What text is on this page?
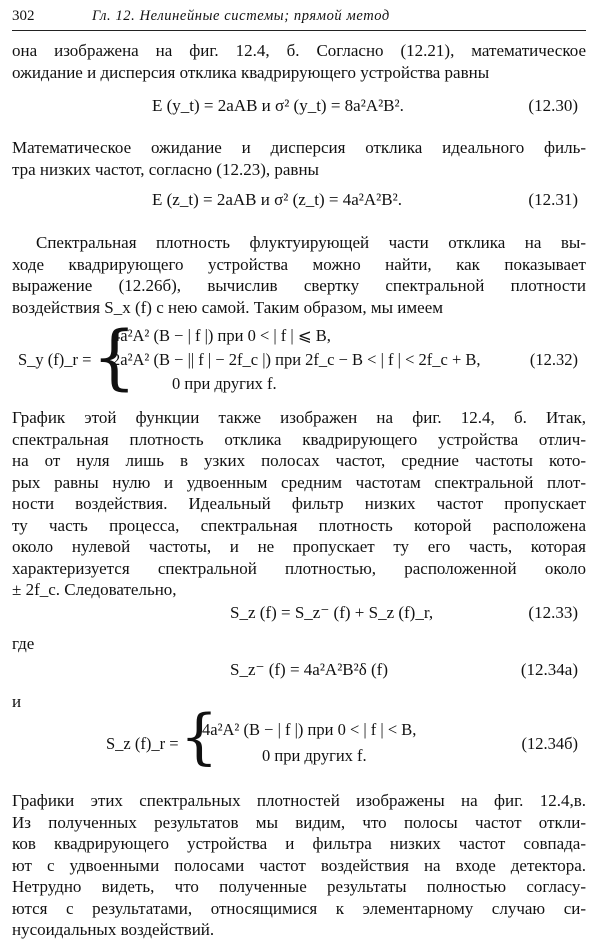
302	Гл. 12. Нелинейные системы; прямой метод
она изображена на фиг. 12.4, б. Согласно (12.21), математическое
ожидание и дисперсия отклика квадрирующего устройства равны
E (y_t) = 2aAB и σ² (y_t) = 8a²A²B².	(12.30)
Математическое ожидание и дисперсия отклика идеального филь-
тра низких частот, согласно (12.23), равны
E (z_t) = 2aAB и σ² (z_t) = 4a²A²B².	(12.31)
Спектральная плотность флуктуирующей части отклика на вы-
ходе квадрирующего устройства можно найти, как показывает
выражение (12.26б), вычислив свертку спектральной плотности
воздействия S_x (f) с нею самой. Таким образом, мы имеем
S_y (f)_r = {
4a²A² (B − | f |) при 0 < | f | ⩽ B,
2a²A² (B − || f | − 2f_c |) при 2f_c − B < | f | < 2f_c + B,
0 при других f.
(12.32)
График этой функции также изображен на фиг. 12.4, б. Итак,
спектральная плотность отклика квадрирующего устройства отлич-
на от нуля лишь в узких полосах частот, средние частоты кото-
рых равны нулю и удвоенным средним частотам спектральной плот-
ности воздействия. Идеальный фильтр низких частот пропускает
ту часть процесса, спектральная плотность которой расположена
около нулевой частоты, и не пропускает ту его часть, которая
характеризуется спектральной плотностью, расположенной около
± 2f_c. Следовательно,
S_z (f) = S_z⁻ (f) + S_z (f)_r,	(12.33)
где
S_z⁻ (f) = 4a²A²B²δ (f)	(12.34а)
и
S_z (f)_r = {
4a²A² (B − | f |) при 0 < | f | < B,
0 при других f.
(12.34б)
Графики этих спектральных плотностей изображены на фиг. 12.4,в.
Из полученных результатов мы видим, что полосы частот откли-
ков квадрирующего устройства и фильтра низких частот совпада-
ют с удвоенными полосами частот воздействия на входе детектора.
Нетрудно видеть, что полученные результаты полностью согласу-
ются с результатами, относящимися к элементарному случаю си-
нусоидальных воздействий.
